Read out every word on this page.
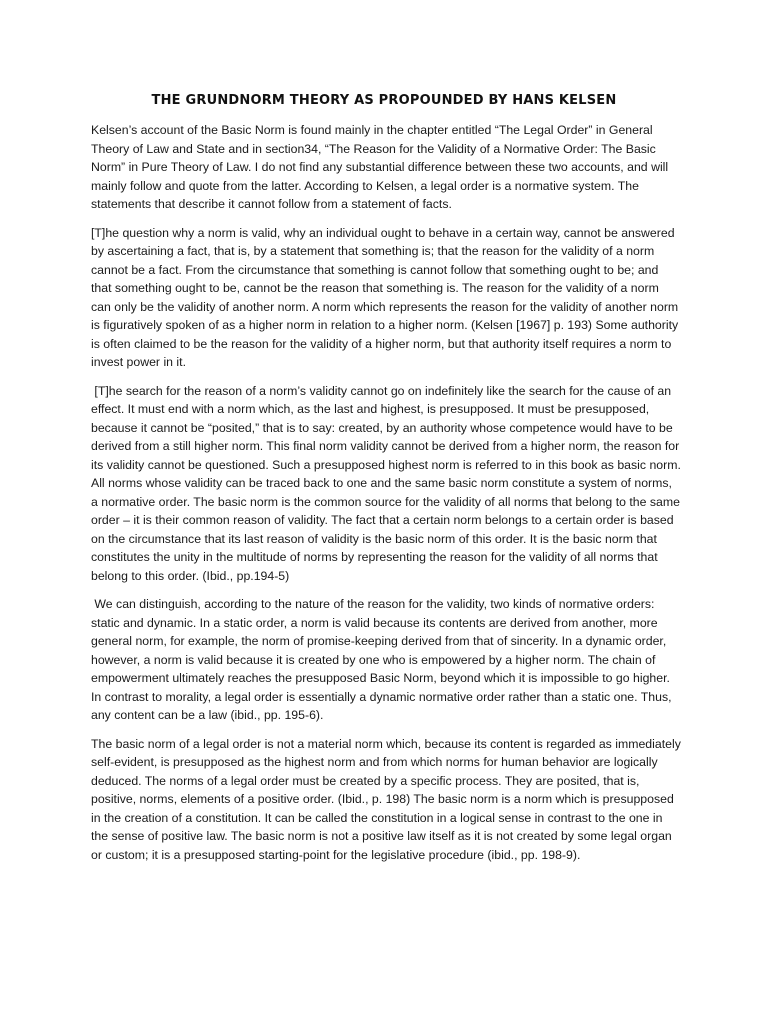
THE GRUNDNORM THEORY AS PROPOUNDED BY HANS KELSEN

Kelsen’s account of the Basic Norm is found mainly in the chapter entitled “The Legal Order” in General Theory of Law and State and in section34, “The Reason for the Validity of a Normative Order: The Basic Norm” in Pure Theory of Law. I do not find any substantial difference between these two accounts, and will mainly follow and quote from the latter. According to Kelsen, a legal order is a normative system. The statements that describe it cannot follow from a statement of facts.

[T]he question why a norm is valid, why an individual ought to behave in a certain way, cannot be answered by ascertaining a fact, that is, by a statement that something is; that the reason for the validity of a norm cannot be a fact. From the circumstance that something is cannot follow that something ought to be; and that something ought to be, cannot be the reason that something is. The reason for the validity of a norm can only be the validity of another norm. A norm which represents the reason for the validity of another norm is figuratively spoken of as a higher norm in relation to a higher norm. (Kelsen [1967] p. 193) Some authority is often claimed to be the reason for the validity of a higher norm, but that authority itself requires a norm to invest power in it.

[T]he search for the reason of a norm’s validity cannot go on indefinitely like the search for the cause of an effect. It must end with a norm which, as the last and highest, is presupposed. It must be presupposed, because it cannot be “posited,” that is to say: created, by an authority whose competence would have to be derived from a still higher norm. This final norm validity cannot be derived from a higher norm, the reason for its validity cannot be questioned. Such a presupposed highest norm is referred to in this book as basic norm. All norms whose validity can be traced back to one and the same basic norm constitute a system of norms, a normative order. The basic norm is the common source for the validity of all norms that belong to the same order – it is their common reason of validity. The fact that a certain norm belongs to a certain order is based on the circumstance that its last reason of validity is the basic norm of this order. It is the basic norm that constitutes the unity in the multitude of norms by representing the reason for the validity of all norms that belong to this order. (Ibid., pp.194-5)

We can distinguish, according to the nature of the reason for the validity, two kinds of normative orders: static and dynamic. In a static order, a norm is valid because its contents are derived from another, more general norm, for example, the norm of promise-keeping derived from that of sincerity. In a dynamic order, however, a norm is valid because it is created by one who is empowered by a higher norm. The chain of empowerment ultimately reaches the presupposed Basic Norm, beyond which it is impossible to go higher. In contrast to morality, a legal order is essentially a dynamic normative order rather than a static one. Thus,  any content can be a law (ibid., pp. 195-6).

The basic norm of a legal order is not a material norm which, because its content is regarded as immediately self-evident, is presupposed as the highest norm and from which norms for human behavior are logically deduced. The norms of a legal order must be created by a specific process. They are posited, that is, positive, norms, elements of a positive order. (Ibid., p. 198) The basic norm is a norm which is presupposed in the creation of a constitution. It can be called the constitution in a logical sense in contrast to the one in the sense of positive law. The basic norm is not a positive law itself as it is not created by some legal organ or custom; it is a presupposed starting-point for the legislative procedure (ibid., pp. 198-9).
